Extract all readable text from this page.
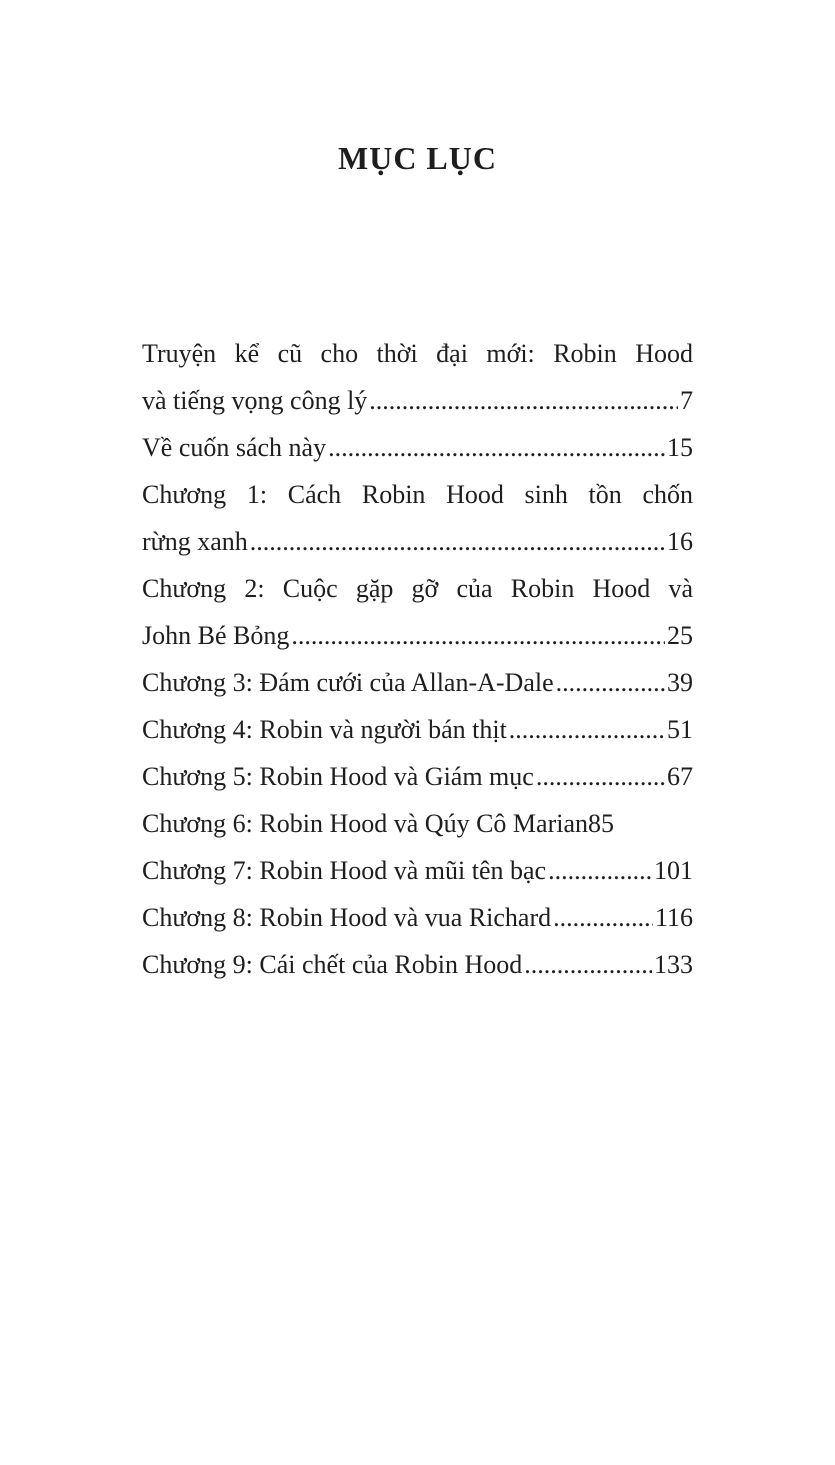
MỤC LỤC
Truyện kể cũ cho thời đại mới: Robin Hood
và tiếng vọng công lý .....	7
Về cuốn sách này .....	15
Chương 1: Cách Robin Hood sinh tồn chốn
rừng xanh .....	16
Chương 2: Cuộc gặp gỡ của Robin Hood và
John Bé Bỏng .....	25
Chương 3: Đám cưới của Allan-A-Dale .....	39
Chương 4: Robin và người bán thịt .....	51
Chương 5: Robin Hood và Giám mục .....	67
Chương 6: Robin Hood và Qúy Cô Marian 85
Chương 7: Robin Hood và mũi tên bạc .....	101
Chương 8: Robin Hood và vua Richard .....	116
Chương 9: Cái chết của Robin Hood .....	133
